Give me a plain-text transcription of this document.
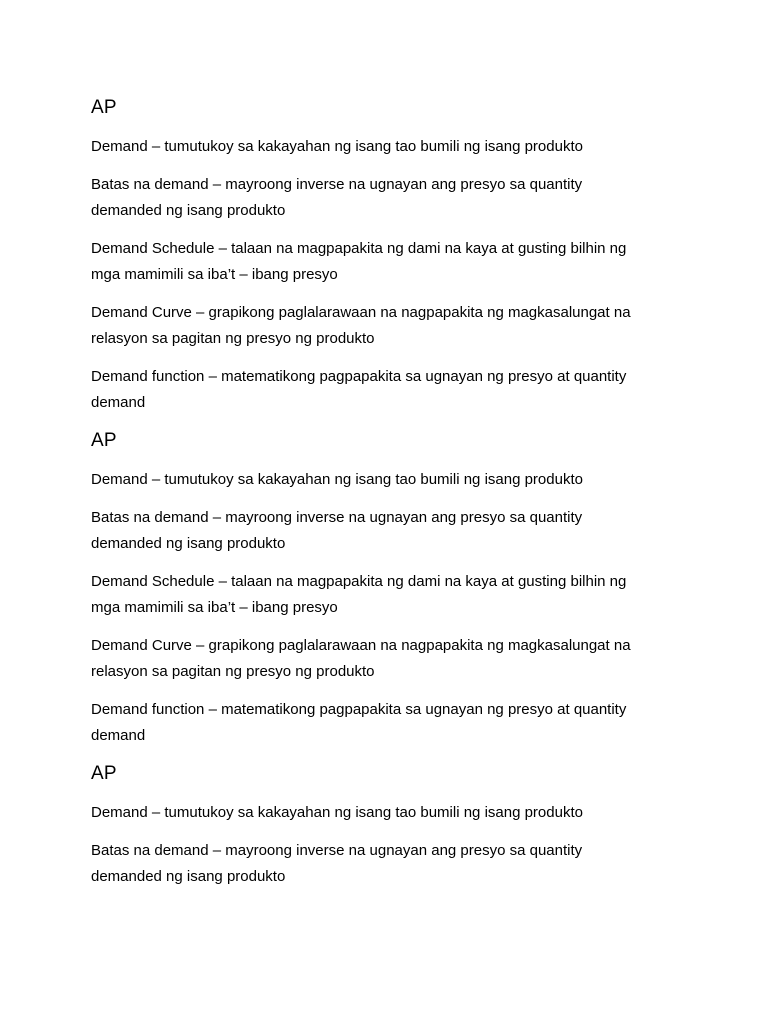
AP
Demand – tumutukoy sa kakayahan ng isang tao bumili ng isang produkto
Batas na demand – mayroong inverse na ugnayan ang presyo sa quantity
demanded ng isang produkto
Demand Schedule – talaan na magpapakita ng dami na kaya at gusting bilhin ng
mga mamimili sa iba’t – ibang presyo
Demand Curve – grapikong paglalarawaan na nagpapakita ng magkasalungat na
relasyon sa pagitan ng presyo ng produkto
Demand function – matematikong pagpapakita sa ugnayan ng presyo at quantity
demand
AP
Demand – tumutukoy sa kakayahan ng isang tao bumili ng isang produkto
Batas na demand – mayroong inverse na ugnayan ang presyo sa quantity
demanded ng isang produkto
Demand Schedule – talaan na magpapakita ng dami na kaya at gusting bilhin ng
mga mamimili sa iba’t – ibang presyo
Demand Curve – grapikong paglalarawaan na nagpapakita ng magkasalungat na
relasyon sa pagitan ng presyo ng produkto
Demand function – matematikong pagpapakita sa ugnayan ng presyo at quantity
demand
AP
Demand – tumutukoy sa kakayahan ng isang tao bumili ng isang produkto
Batas na demand – mayroong inverse na ugnayan ang presyo sa quantity
demanded ng isang produkto
